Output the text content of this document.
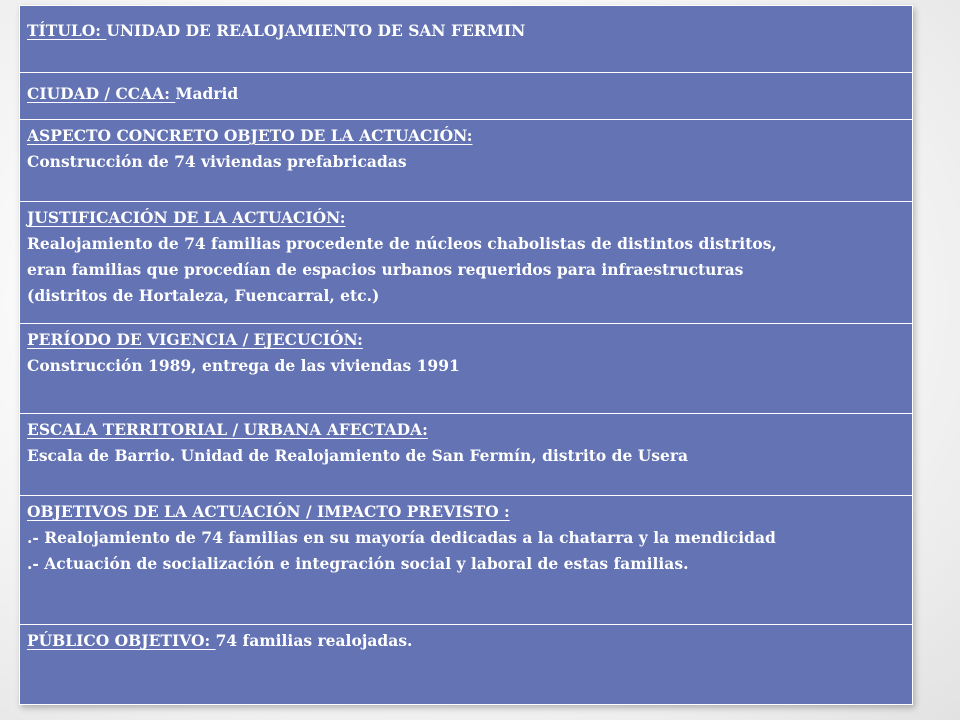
TÍTULO: UNIDAD DE REALOJAMIENTO DE SAN FERMIN
CIUDAD / CCAA: Madrid

ASPECTO CONCRETO OBJETO DE LA ACTUACIÓN:
Construcción de 74 viviendas prefabricadas

JUSTIFICACIÓN DE LA ACTUACIÓN:
Realojamiento de 74 familias procedente de núcleos chabolistas de distintos distritos,
eran familias que procedían de espacios urbanos requeridos para infraestructuras
(distritos de Hortaleza, Fuencarral, etc.)

PERÍODO DE VIGENCIA / EJECUCIÓN:
Construcción 1989, entrega de las viviendas 1991

ESCALA TERRITORIAL / URBANA AFECTADA:
Escala de Barrio. Unidad de Realojamiento de San Fermín, distrito de Usera

OBJETIVOS DE LA ACTUACIÓN / IMPACTO PREVISTO :
.- Realojamiento de 74 familias en su mayoría dedicadas a la chatarra y la mendicidad
.- Actuación de socialización e integración social y laboral de estas familias.

PÚBLICO OBJETIVO: 74 familias realojadas.
